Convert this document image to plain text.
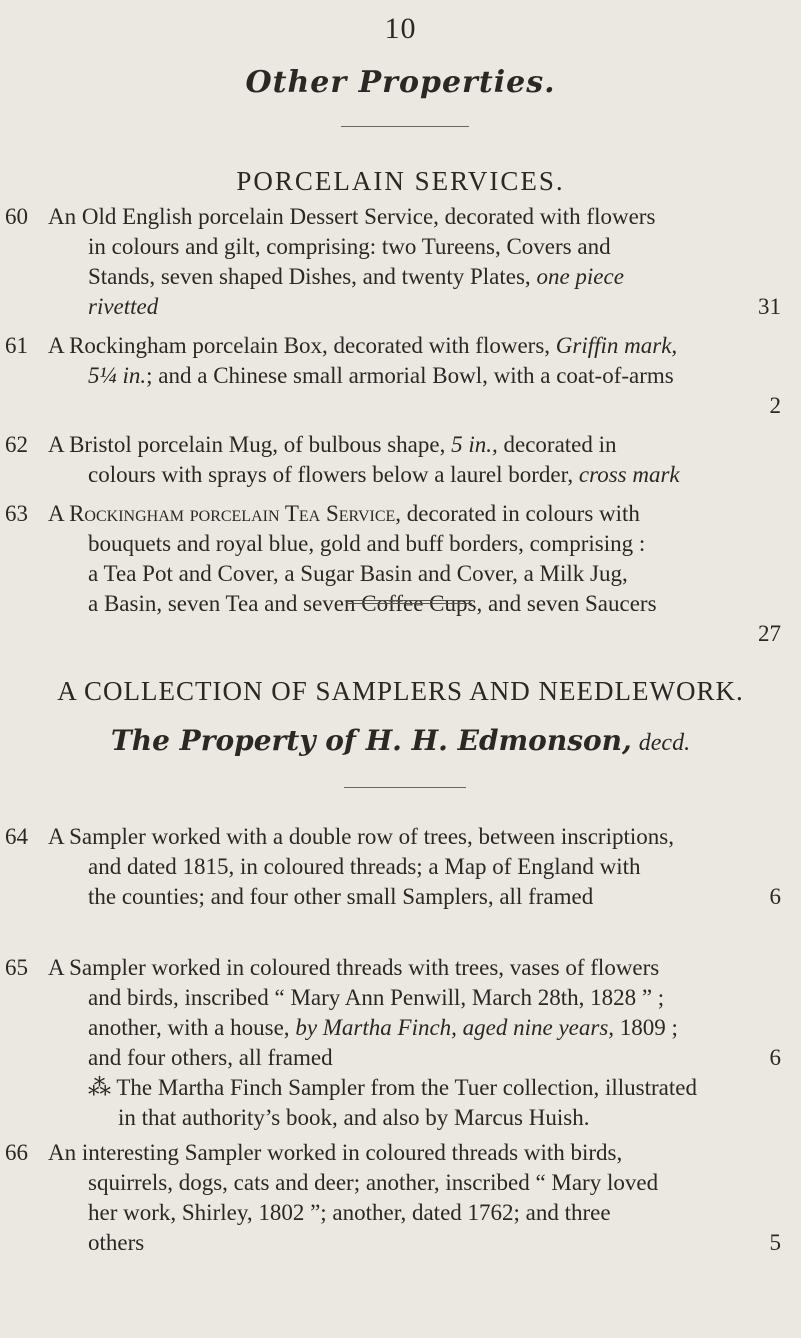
10
Other Properties.
PORCELAIN SERVICES.
60 An Old English porcelain Dessert Service, decorated with flowers
in colours and gilt, comprising: two Tureens, Covers and
Stands, seven shaped Dishes, and twenty Plates, one piece
rivetted	31
61 A Rockingham porcelain Box, decorated with flowers, Griffin mark,
5¼ in.; and a Chinese small armorial Bowl, with a coat-of-arms
2
62 A Bristol porcelain Mug, of bulbous shape, 5 in., decorated in
colours with sprays of flowers below a laurel border, cross mark
63 A Rockingham porcelain Tea Service, decorated in colours with
bouquets and royal blue, gold and buff borders, comprising :
a Tea Pot and Cover, a Sugar Basin and Cover, a Milk Jug,
a Basin, seven Tea and seven Coffee Cups, and seven Saucers
27
A COLLECTION OF SAMPLERS AND NEEDLEWORK.
The Property of H. H. Edmonson, decd.
64 A Sampler worked with a double row of trees, between inscriptions,
and dated 1815, in coloured threads; a Map of England with
the counties; and four other small Samplers, all framed	6
65 A Sampler worked in coloured threads with trees, vases of flowers
and birds, inscribed “ Mary Ann Penwill, March 28th, 1828 ” ;
another, with a house, by Martha Finch, aged nine years, 1809 ;
and four others, all framed	6
⁂ The Martha Finch Sampler from the Tuer collection, illustrated
in that authority’s book, and also by Marcus Huish.
66 An interesting Sampler worked in coloured threads with birds,
squirrels, dogs, cats and deer; another, inscribed “ Mary loved
her work, Shirley, 1802 ”; another, dated 1762; and three
others	5
